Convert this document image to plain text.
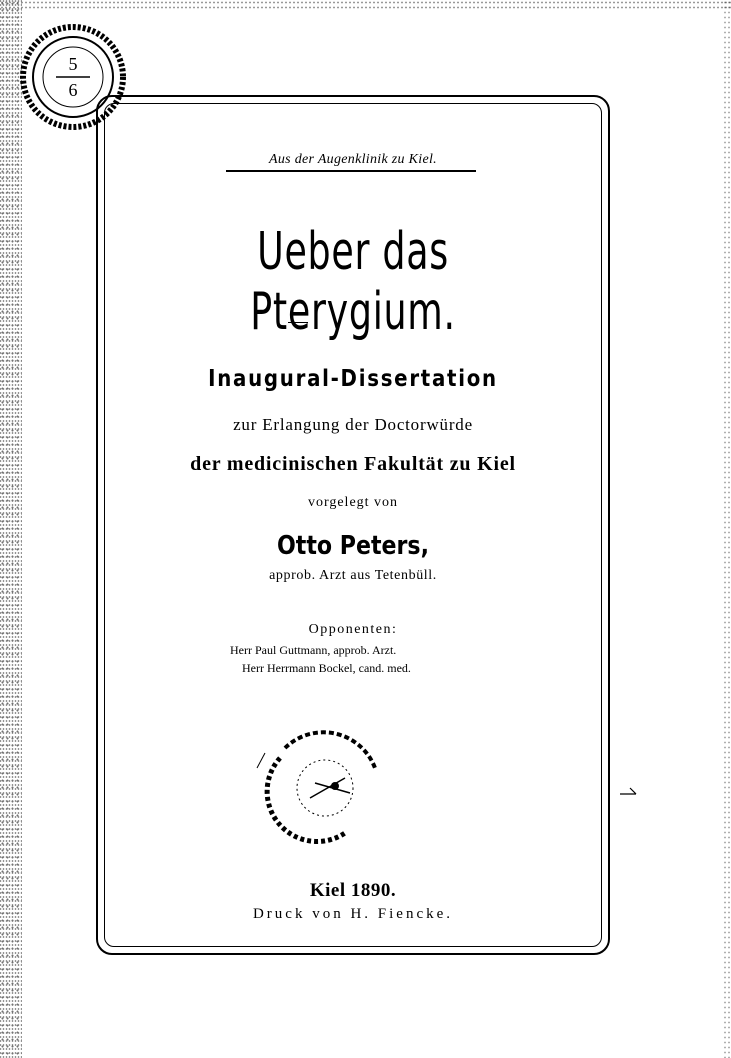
5
6
Aus der Augenklinik zu Kiel.
Ueber das Pterygium.
Inaugural-Dissertation
zur Erlangung der Doctorwürde
der medicinischen Fakultät zu Kiel
vorgelegt von
Otto Peters,
approb. Arzt aus Tetenbüll.
Opponenten:
Herr Paul Guttmann, approb. Arzt.
Herr Herrmann Bockel, cand. med.
Kiel 1890.
Druck von H. Fiencke.
